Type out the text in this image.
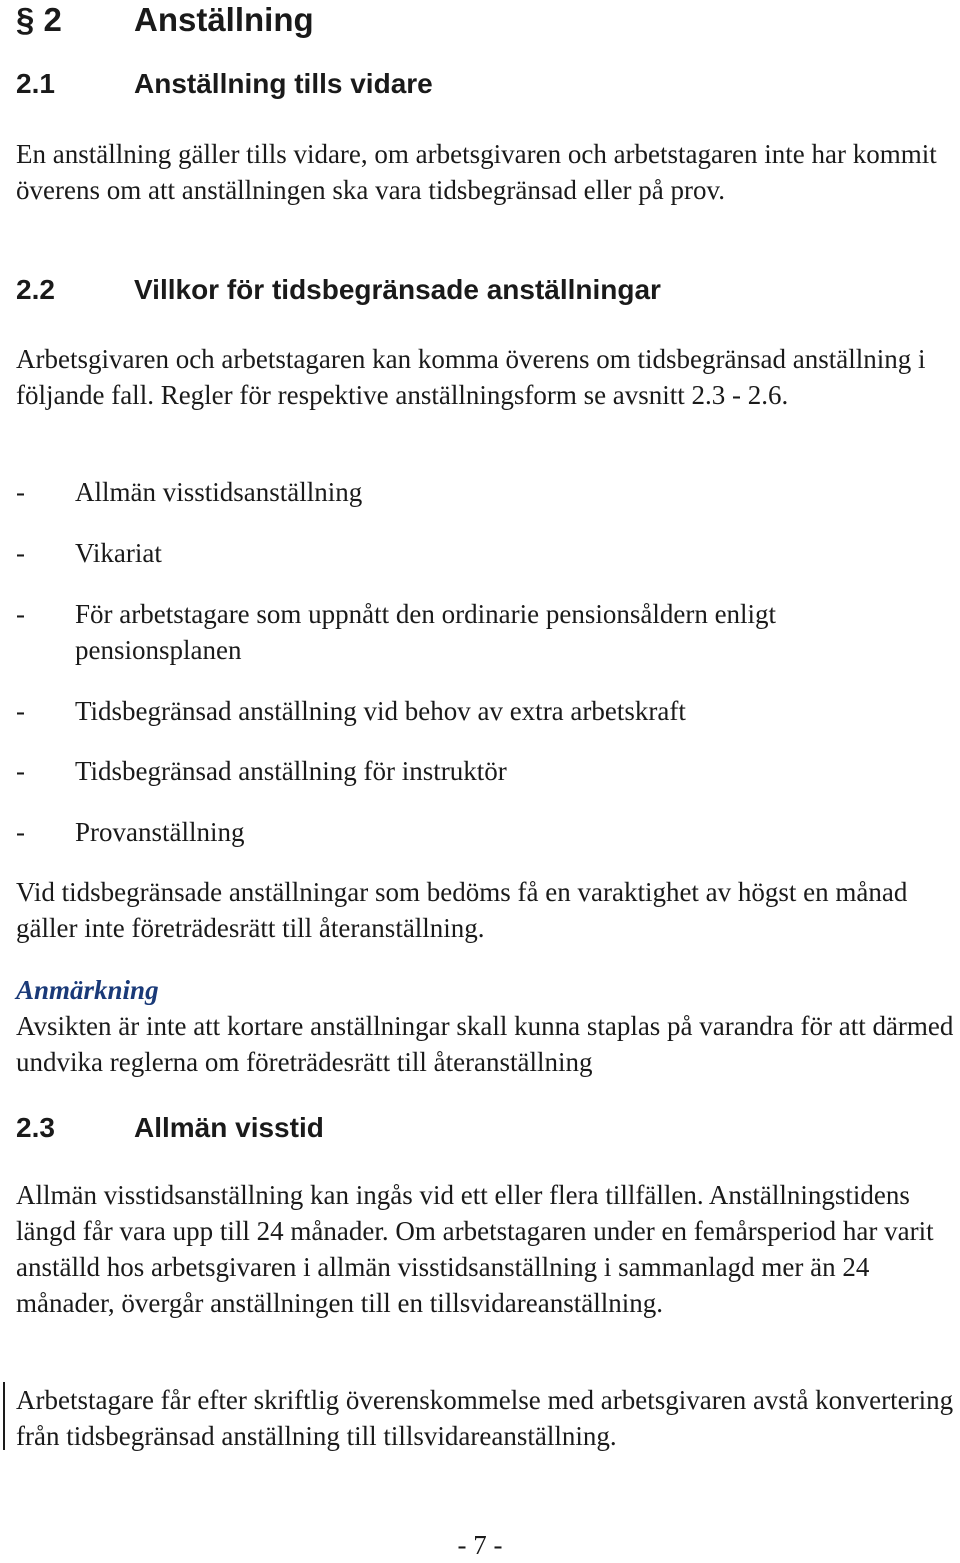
§ 2 Anställning
2.1	Anställning tills vidare

En anställning gäller tills vidare, om arbetsgivaren och arbetstagaren inte har kommit överens om att anställningen ska vara tidsbegränsad eller på prov.

2.2	Villkor för tidsbegränsade anställningar

Arbetsgivaren och arbetstagaren kan komma överens om tidsbegränsad anställning i följande fall. Regler för respektive anställningsform se avsnitt 2.3 - 2.6.

- Allmän visstidsanställning
- Vikariat
- För arbetstagare som uppnått den ordinarie pensionsåldern enligt pensionsplanen
- Tidsbegränsad anställning vid behov av extra arbetskraft
- Tidsbegränsad anställning för instruktör
- Provanställning

Vid tidsbegränsade anställningar som bedöms få en varaktighet av högst en månad gäller inte företrädesrätt till återanställning.

Anmärkning

Avsikten är inte att kortare anställningar skall kunna staplas på varandra för att därmed undvika reglerna om företrädesrätt till återanställning

2.3	Allmän visstid

Allmän visstidsanställning kan ingås vid ett eller flera tillfällen. Anställningstidens längd får vara upp till 24 månader. Om arbetstagaren under en femårsperiod har varit anställd hos arbetsgivaren i allmän visstidsanställning i sammanlagd mer än 24 månader, övergår anställningen till en tillsvidareanställning.

Arbetstagare får efter skriftlig överenskommelse med arbetsgivaren avstå konvertering från tidsbegränsad anställning till tillsvidareanställning.

- 7 -
